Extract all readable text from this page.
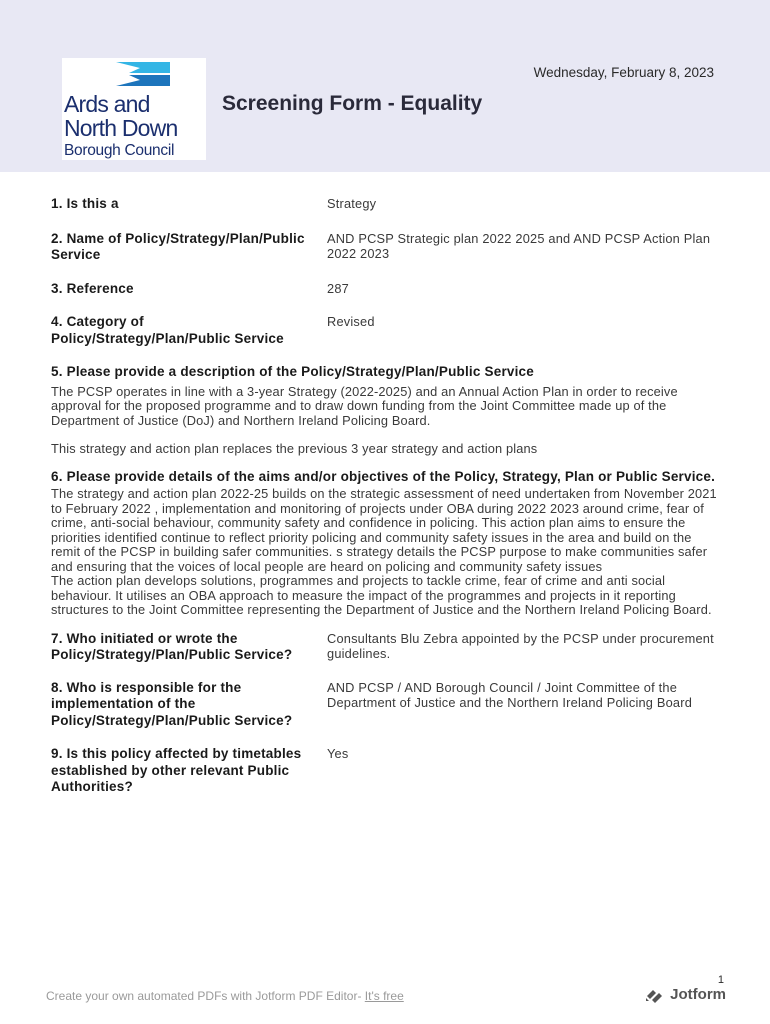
Ards and
North Down
Borough Council
Wednesday, February 8, 2023
Screening Form - Equality
1. Is this a	Strategy
2. Name of Policy/Strategy/Plan/Public Service
AND PCSP Strategic plan 2022 2025 and AND PCSP Action Plan 2022 2023
3. Reference	287
4. Category of Policy/Strategy/Plan/Public Service
Revised
5. Please provide a description of the Policy/Strategy/Plan/Public Service
The PCSP operates in line with a 3-year Strategy (2022-2025) and an Annual Action Plan in order to receive approval for the proposed programme and to draw down funding from the Joint Committee made up of the Department of Justice (DoJ) and Northern Ireland Policing Board.
This strategy and action plan replaces the previous 3 year strategy and action plans
6. Please provide details of the aims and/or objectives of the Policy, Strategy, Plan or Public Service.
The strategy and action plan 2022-25 builds on the strategic assessment of need undertaken from November 2021 to February 2022 , implementation and monitoring of projects under OBA during 2022 2023 around crime, fear of crime, anti-social behaviour, community safety and confidence in policing. This action plan aims to ensure the priorities identified continue to reflect priority policing and community safety issues in the area and build on the remit of the PCSP in building safer communities. s strategy details the PCSP purpose to make communities safer and ensuring that the voices of local people are heard on policing and community safety issues
The action plan develops solutions, programmes and projects to tackle crime, fear of crime and anti social behaviour. It utilises an OBA approach to measure the impact of the programmes and projects in it reporting structures to the Joint Committee representing the Department of Justice and the Northern Ireland Policing Board.
7. Who initiated or wrote the Policy/Strategy/Plan/Public Service?
Consultants Blu Zebra appointed by the PCSP under procurement guidelines.
8. Who is responsible for the implementation of the Policy/Strategy/Plan/Public Service?
AND PCSP / AND Borough Council / Joint Committee of the Department of Justice and the Northern Ireland Policing Board
9. Is this policy affected by timetables established by other relevant Public Authorities?
Yes
Create your own automated PDFs with Jotform PDF Editor- It's free
1
Jotform
